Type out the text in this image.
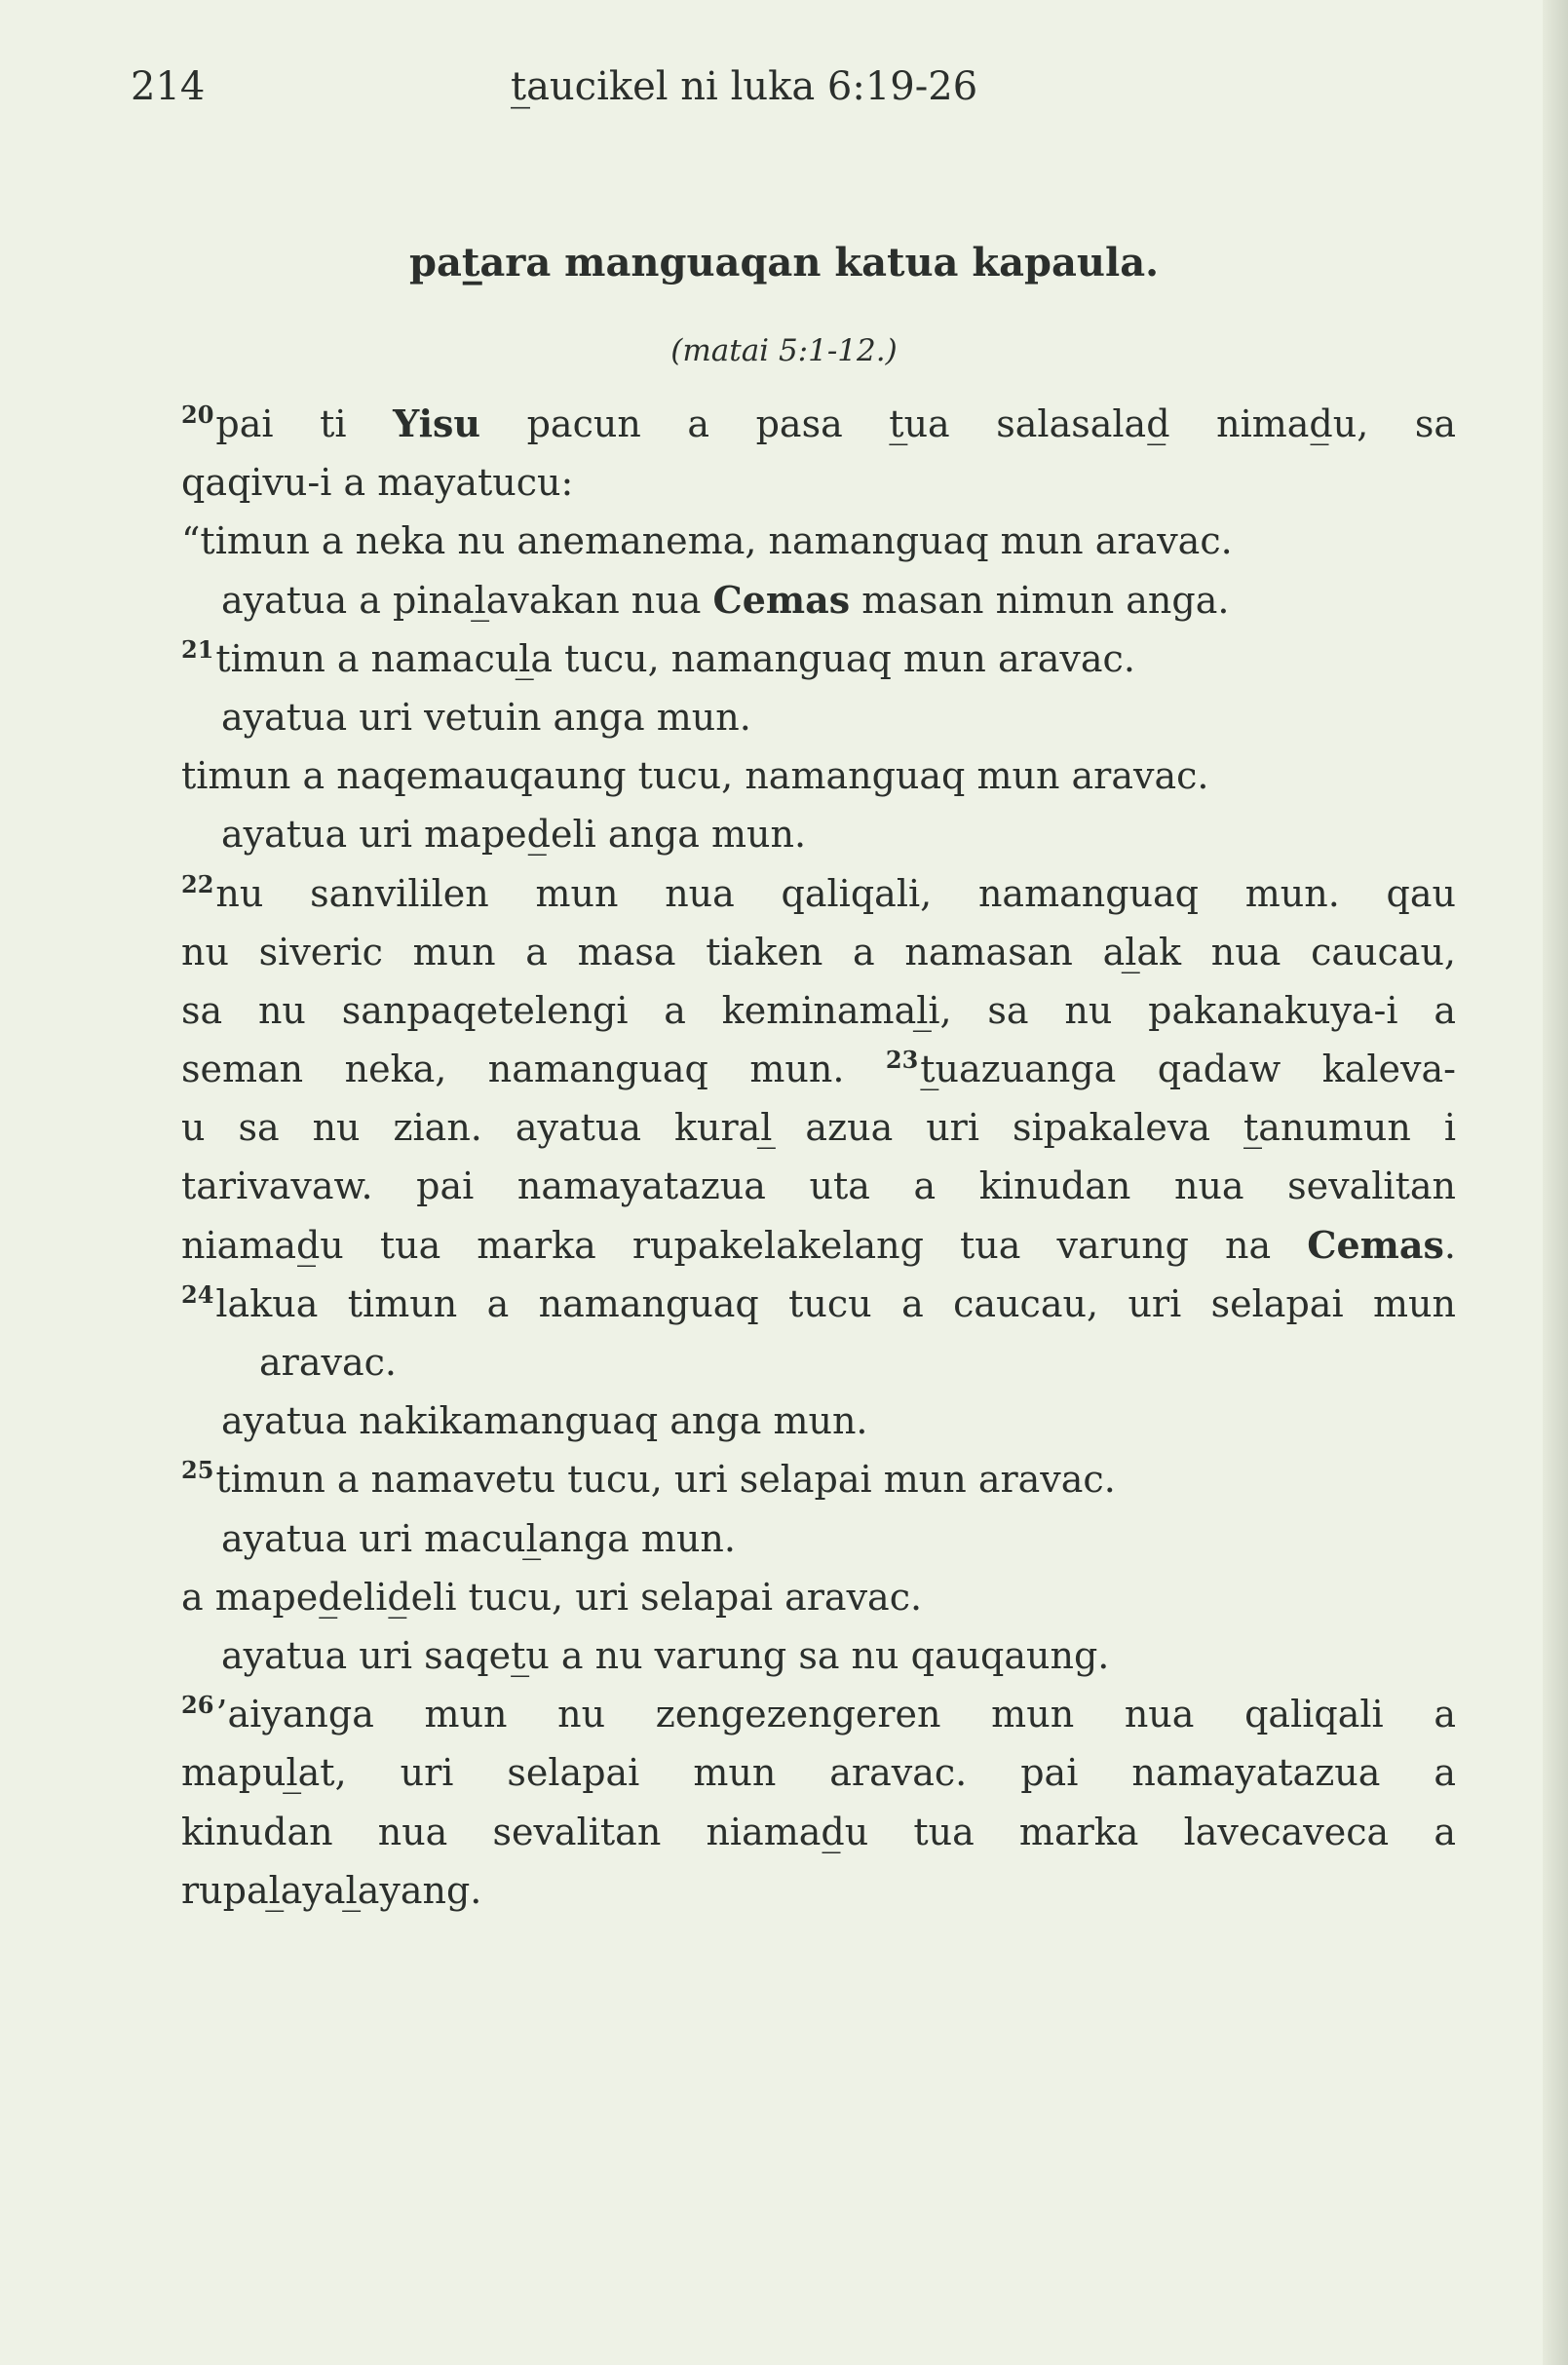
214	t̲aucikel ni luka 6:19-26
pat̲ara manguaqan katua kapaula.
(matai 5:1-12.)
$^{20}$pai ti Yisu pacun a pasa t̲ua salasalad̲ nimad̲u, sa
qaqivu-i a mayatucu:
“timun a neka nu anemanema, namanguaq mun aravac.
ayatua a pinal̲avakan nua Cemas masan nimun anga.
$^{21}$timun a namacul̲a tucu, namanguaq mun aravac.
ayatua uri vetuin anga mun.
timun a naqemauqaung tucu, namanguaq mun aravac.
ayatua uri maped̲eli anga mun.
$^{22}$nu sanvililen mun nua qaliqali, namanguaq mun. qau
nu siveric mun a masa tiaken a namasan al̲ak nua caucau,
sa nu sanpaqetelengi a keminamal̲i, sa nu pakanakuya-i a
seman neka, namanguaq mun. $^{23}$t̲uazuanga qadaw kaleva-
u sa nu zian. ayatua kural̲ azua uri sipakaleva t̲anumun i
tarivavaw. pai namayatazua uta a kinudan nua sevalitan
niamad̲u tua marka rupakelakelang tua varung na Cemas.
$^{24}$lakua timun a namanguaq tucu a caucau, uri selapai mun
aravac.
ayatua nakikamanguaq anga mun.
$^{25}$timun a namavetu tucu, uri selapai mun aravac.
ayatua uri macul̲anga mun.
a maped̲elid̲eli tucu, uri selapai aravac.
ayatua uri saqet̲u a nu varung sa nu qauqaung.
$^{26}$’aiyanga mun nu zengezengeren mun nua qaliqali a
mapul̲at, uri selapai mun aravac. pai namayatazua a
kinudan nua sevalitan niamad̲u tua marka lavecaveca a
rupal̲ayal̲ayang.
